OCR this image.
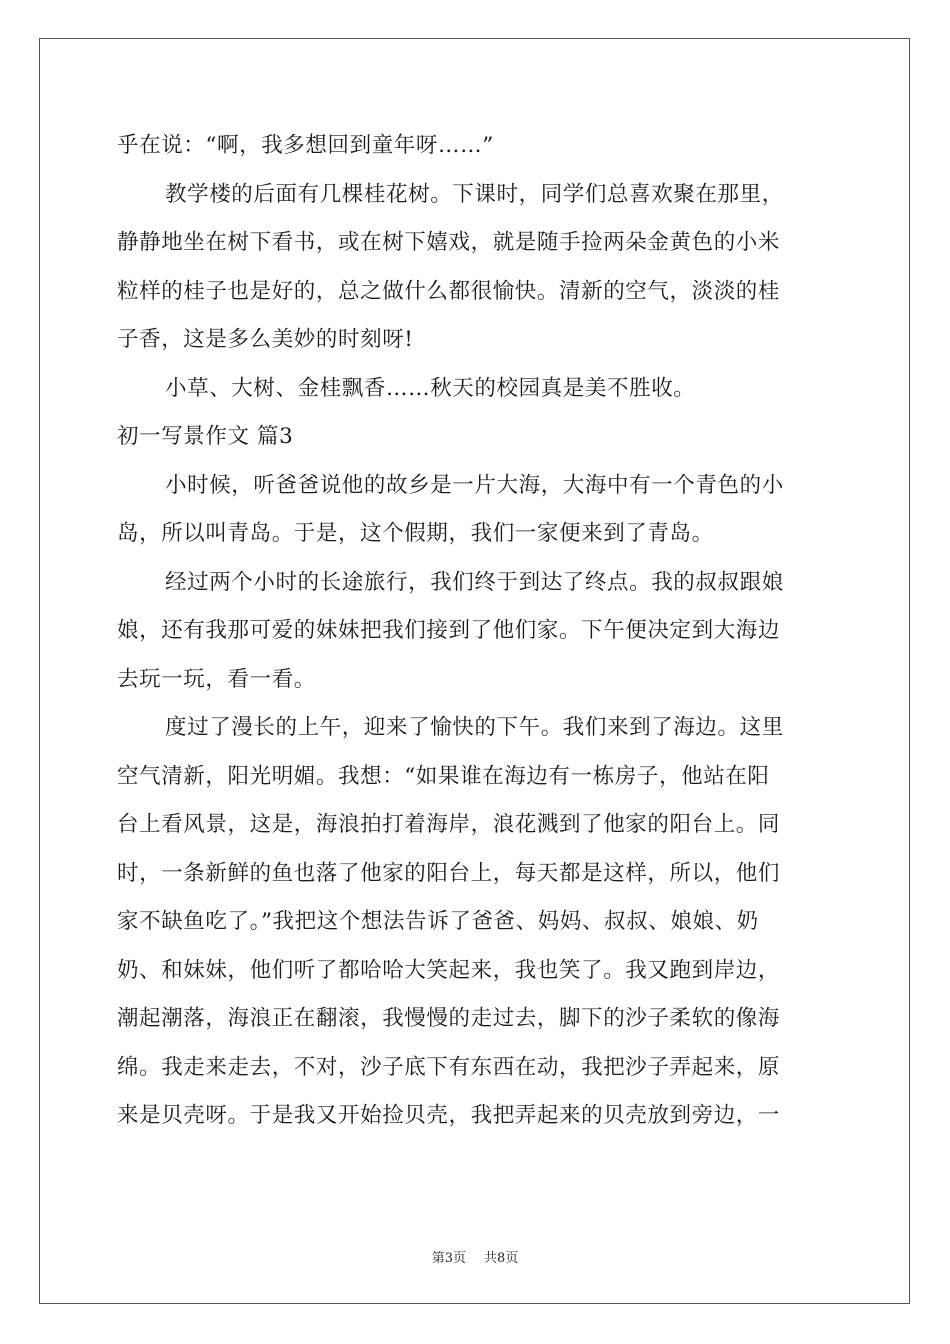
乎在说：“啊，我多想回到童年呀……”
教学楼的后面有几棵桂花树。下课时，同学们总喜欢聚在那里，
静静地坐在树下看书，或在树下嬉戏，就是随手捡两朵金黄色的小米
粒样的桂子也是好的，总之做什么都很愉快。清新的空气，淡淡的桂
子香，这是多么美妙的时刻呀!
小草、大树、金桂飘香……秋天的校园真是美不胜收。
初一写景作文 篇3
小时候，听爸爸说他的故乡是一片大海，大海中有一个青色的小
岛，所以叫青岛。于是，这个假期，我们一家便来到了青岛。
经过两个小时的长途旅行，我们终于到达了终点。我的叔叔跟娘
娘，还有我那可爱的妹妹把我们接到了他们家。下午便决定到大海边
去玩一玩，看一看。
度过了漫长的上午，迎来了愉快的下午。我们来到了海边。这里
空气清新，阳光明媚。我想：“如果谁在海边有一栋房子，他站在阳
台上看风景，这是，海浪拍打着海岸，浪花溅到了他家的阳台上。同
时，一条新鲜的鱼也落了他家的阳台上，每天都是这样，所以，他们
家不缺鱼吃了。”我把这个想法告诉了爸爸、妈妈、叔叔、娘娘、奶
奶、和妹妹，他们听了都哈哈大笑起来，我也笑了。我又跑到岸边，
潮起潮落，海浪正在翻滚，我慢慢的走过去，脚下的沙子柔软的像海
绵。我走来走去，不对，沙子底下有东西在动，我把沙子弄起来，原
来是贝壳呀。于是我又开始捡贝壳，我把弄起来的贝壳放到旁边，一
第3页 共8页
